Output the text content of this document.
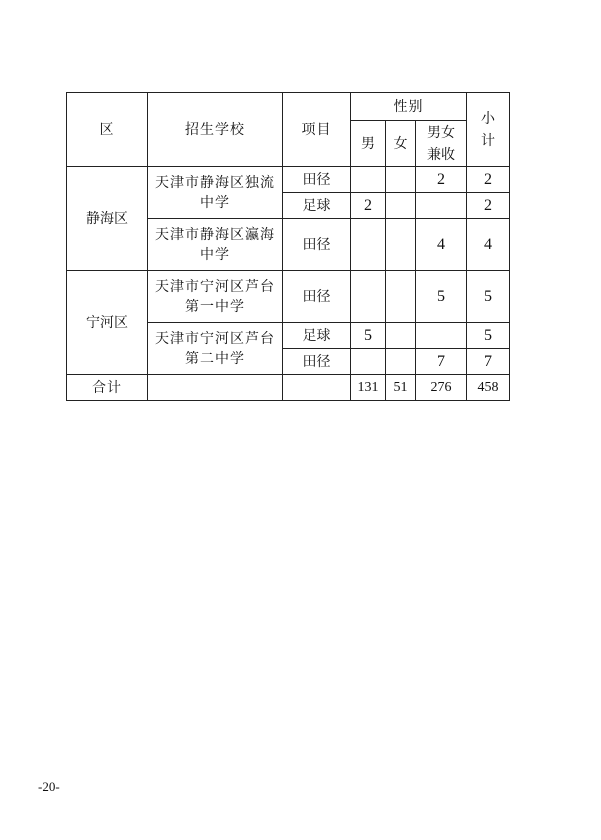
区	招生学校	项目	性别			小计

			男	女	男女兼收	

静海区	天津市静海区独流中学	田径			2	2
		足球	2			2
	天津市静海区瀛海中学	田径			4	4
宁河区	天津市宁河区芦台第一中学	田径			5	5
	天津市宁河区芦台第二中学	足球	5			5
		田径			7	7
合计			131	51	276	458
-20-
